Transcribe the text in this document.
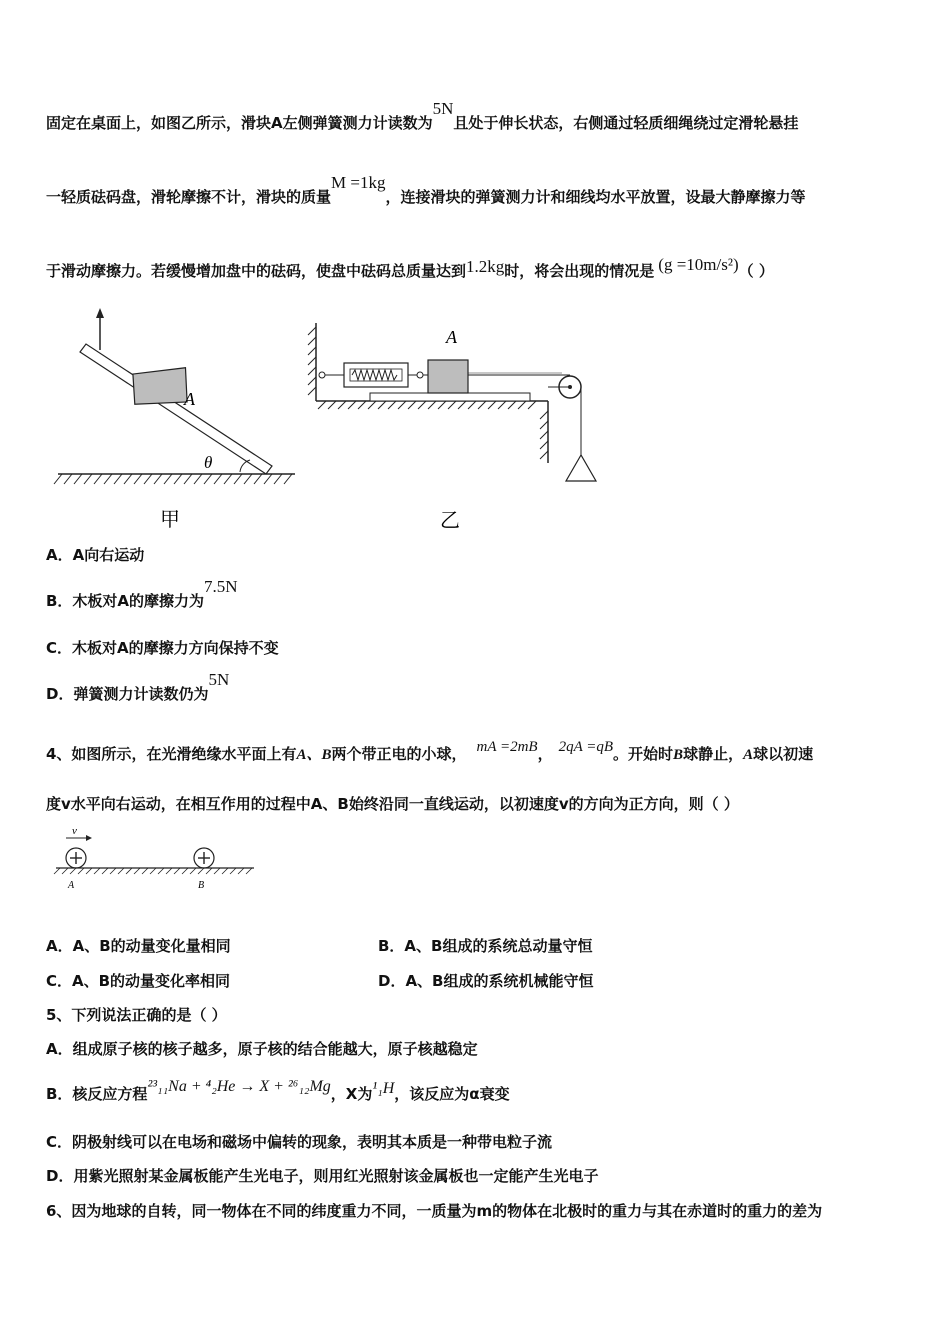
固定在桌面上，如图乙所示，滑块A左侧弹簧测力计读数为5N且处于伸长状态，右侧通过轻质细绳绕过定滑轮悬挂
一轻质砝码盘，滑轮摩擦不计，滑块的质量M =1kg，连接滑块的弹簧测力计和细线均水平放置，设最大静摩擦力等
于滑动摩擦力。若缓慢增加盘中的砝码，使盘中砝码总质量达到1.2kg时，将会出现的情况是 (g =10m/s²)（ ）
A
θ
甲
A
乙
A．A向右运动
B．木板对A的摩擦力为7.5N
C．木板对A的摩擦力方向保持不变
D．弹簧测力计读数仍为5N
4、如图所示，在光滑绝缘水平面上有A、B两个带正电的小球， mA =2mB， 2qA =qB。开始时B球静止，A球以初速
度v水平向右运动，在相互作用的过程中A、B始终沿同一直线运动，以初速度v的方向为正方向，则（ ）
v
A	B
A．A、B的动量变化量相同	B．A、B组成的系统总动量守恒
C．A、B的动量变化率相同	D．A、B组成的系统机械能守恒
5、下列说法正确的是（ ）
A．组成原子核的核子越多，原子核的结合能越大，原子核越稳定
B．核反应方程²³₁₁Na + ⁴₂He → X + ²⁶₁₂Mg，X为¹₁H，该反应为α衰变
C．阴极射线可以在电场和磁场中偏转的现象，表明其本质是一种带电粒子流
D．用紫光照射某金属板能产生光电子，则用红光照射该金属板也一定能产生光电子
6、因为地球的自转，同一物体在不同的纬度重力不同，一质量为m的物体在北极时的重力与其在赤道时的重力的差为
